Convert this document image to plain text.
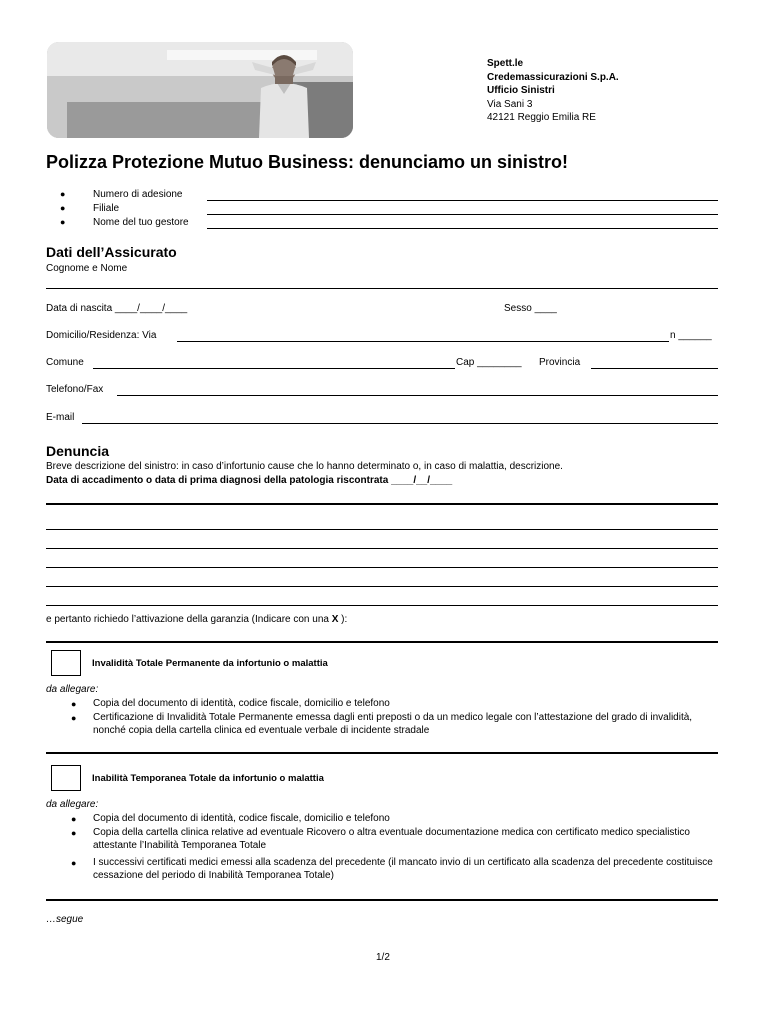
Spett.le
Credemassicurazioni S.p.A.
Ufficio Sinistri
Via Sani 3
42121 Reggio Emilia RE
Polizza Protezione Mutuo Business: denunciamo un sinistro!
●	Numero di adesione
●	Filiale
●	Nome del tuo gestore
Dati dell’Assicurato
Cognome e Nome
Data di nascita ____/____/____	Sesso ____
Domicilio/Residenza: Via	n ______
Comune	Cap ________ Provincia
Telefono/Fax
E-mail
Denuncia
Breve descrizione del sinistro: in caso d’infortunio cause che lo hanno determinato o, in caso di malattia, descrizione.
Data di accadimento o data di prima diagnosi della patologia riscontrata ____/__/____
e pertanto richiedo l’attivazione della garanzia (Indicare con una X ):
Invalidità Totale Permanente da infortunio o malattia
da allegare:
● Copia del documento di identità, codice fiscale, domicilio e telefono
● Certificazione di Invalidità Totale Permanente emessa dagli enti preposti o da un medico legale con l’attestazione del grado di invalidità, nonché copia della cartella clinica ed eventuale verbale di incidente stradale
Inabilità Temporanea Totale da infortunio o malattia
da allegare:
● Copia del documento di identità, codice fiscale, domicilio e telefono
● Copia della cartella clinica relative ad eventuale Ricovero o altra eventuale documentazione medica con certificato medico specialistico attestante l’Inabilità Temporanea Totale
● I successivi certificati medici emessi alla scadenza del precedente (il mancato invio di un certificato alla scadenza del precedente costituisce cessazione del periodo di Inabilità Temporanea Totale)
…segue
1/2
